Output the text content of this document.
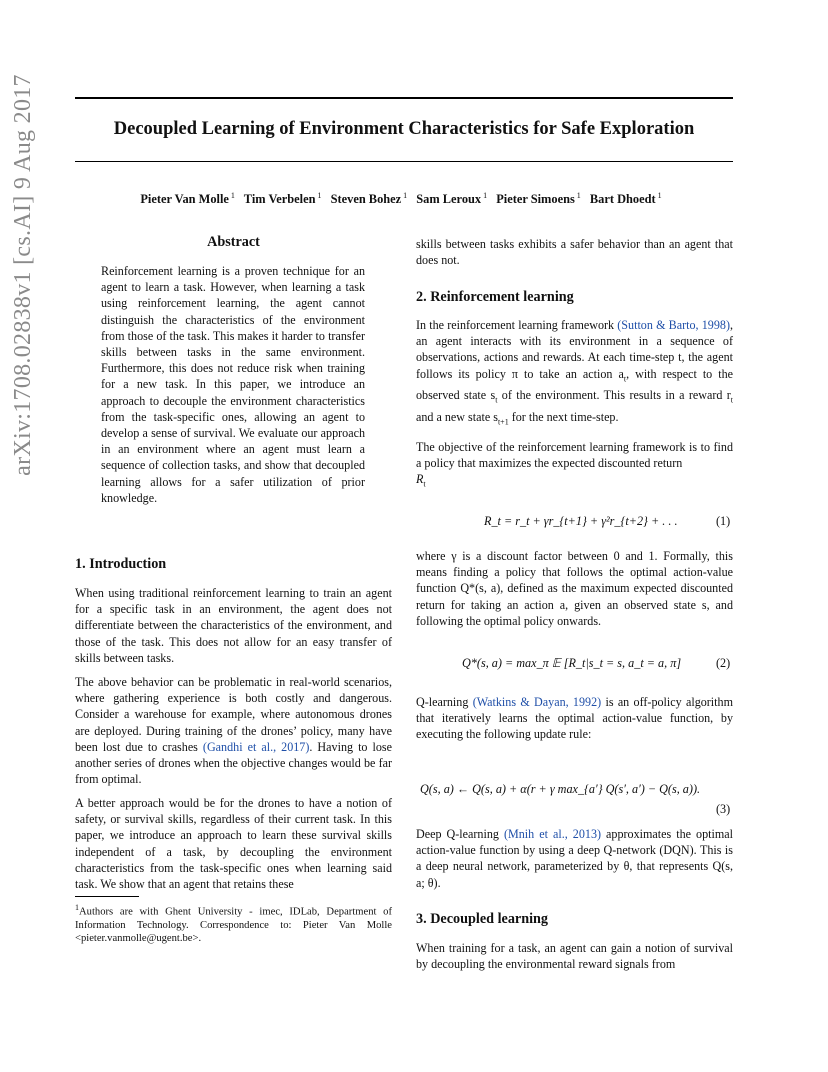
Decoupled Learning of Environment Characteristics for Safe Exploration
Pieter Van Molle $^1$ Tim Verbelen $^1$ Steven Bohez $^1$ Sam Leroux $^1$ Pieter Simoens $^1$ Bart Dhoedt $^1$
arXiv:1708.02838v1 [cs.AI] 9 Aug 2017	Abstract
Reinforcement learning is a proven technique for an agent to learn a task. However, when learning a task using reinforcement learning, the agent cannot distinguish the characteristics of the environment from those of the task. This makes it harder to transfer skills between tasks in the same environment. Furthermore, this does not reduce risk when training for a new task. In this paper, we introduce an approach to decouple the environment characteristics from the task-specific ones, allowing an agent to develop a sense of survival. We evaluate our approach in an environment where an agent must learn a sequence of collection tasks, and show that decoupled learning allows for a safer utilization of prior knowledge.
1. Introduction
When using traditional reinforcement learning to train an agent for a specific task in an environment, the agent does not differentiate between the characteristics of the environment, and those of the task. This does not allow for an easy transfer of skills between tasks.
The above behavior can be problematic in real-world scenarios, where gathering experience is both costly and dangerous. Consider a warehouse for example, where autonomous drones are deployed. During training of the drones’ policy, many have been lost due to crashes (Gandhi et al., 2017). Having to lose another series of drones when the objective changes would be far from optimal.
A better approach would be for the drones to have a notion of safety, or survival skills, regardless of their current task. In this paper, we introduce an approach to learn these survival skills independent of a task, by decoupling the environment characteristics from the task-specific ones when learning said task. We show that an agent that retains these
$^1$Authors are with Ghent University - imec, IDLab, Department of Information Technology. Correspondence to: Pieter Van Molle <pieter.vanmolle@ugent.be>.
skills between tasks exhibits a safer behavior than an agent that does not.
2. Reinforcement learning
In the reinforcement learning framework (Sutton & Barto, 1998), an agent interacts with its environment in a sequence of observations, actions and rewards. At each time-step t, the agent follows its policy π to take an action $a_t$, with respect to the observed state $s_t$ of the environment. This results in a reward $r_t$ and a new state $s_{t+1}$ for the next time-step.
The objective of the reinforcement learning framework is to find a policy that maximizes the expected discounted return
$R_t$
R_t = r_t + γr_{t+1} + γ²r_{t+2} + . . .	(1)
where γ is a discount factor between 0 and 1. Formally, this means finding a policy that follows the optimal action-value function Q*(s, a), defined as the maximum expected discounted return for taking an action a, given an observed state s, and following the optimal policy onwards.
Q*(s, a) = max_π 𝔼 [R_t|s_t = s, a_t = a, π]	(2)
Q-learning (Watkins & Dayan, 1992) is an off-policy algorithm that iteratively learns the optimal action-value function, by executing the following update rule:
Q(s, a) ← Q(s, a) + α(r + γ max_{a′} Q(s′, a′) − Q(s, a)).
(3)
Deep Q-learning (Mnih et al., 2013) approximates the optimal action-value function by using a deep Q-network (DQN). This is a deep neural network, parameterized by θ, that represents Q(s, a; θ).
3. Decoupled learning
When training for a task, an agent can gain a notion of survival by decoupling the environmental reward signals from
